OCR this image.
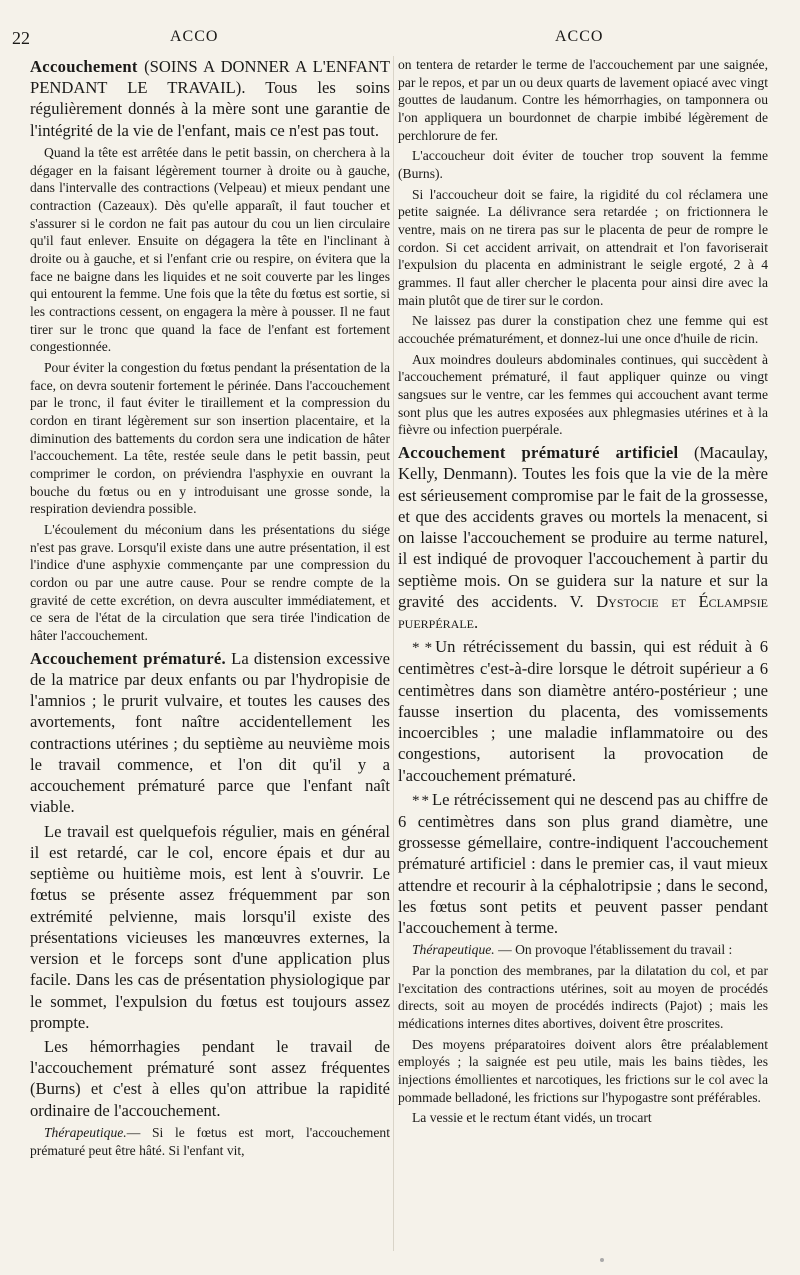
22	ACCO	ACCO

Accouchement (SOINS A DONNER A L'ENFANT PENDANT LE TRAVAIL). Tous les soins régulièrement donnés à la mère sont une garantie de l'intégrité de la vie de l'enfant, mais ce n'est pas tout.

Quand la tête est arrêtée dans le petit bassin, on cherchera à la dégager en la faisant légèrement tourner à droite ou à gauche, dans l'intervalle des contractions (Velpeau) et mieux pendant une contraction (Cazeaux). Dès qu'elle apparaît, il faut toucher et s'assurer si le cordon ne fait pas autour du cou un lien circulaire qu'il faut enlever. Ensuite on dégagera la tête en l'inclinant à droite ou à gauche, et si l'enfant crie ou respire, on évitera que la face ne baigne dans les liquides et ne soit couverte par les linges qui entourent la femme. Une fois que la tête du fœtus est sortie, si les contractions cessent, on engagera la mère à pousser. Il ne faut tirer sur le tronc que quand la face de l'enfant est fortement congestionnée.

Pour éviter la congestion du fœtus pendant la présentation de la face, on devra soutenir fortement le périnée. Dans l'accouchement par le tronc, il faut éviter le tiraillement et la compression du cordon en tirant légèrement sur son insertion placentaire, et la diminution des battements du cordon sera une indication de hâter l'accouchement. La tête, restée seule dans le petit bassin, peut comprimer le cordon, on préviendra l'asphyxie en ouvrant la bouche du fœtus ou en y introduisant une grosse sonde, la respiration deviendra possible.

L'écoulement du méconium dans les présentations du siége n'est pas grave. Lorsqu'il existe dans une autre présentation, il est l'indice d'une asphyxie commençante par une compression du cordon ou par une autre cause. Pour se rendre compte de la gravité de cette excrétion, on devra ausculter immédiatement, et ce sera de l'état de la circulation que sera tirée l'indication de hâter l'accouchement.

Accouchement prématuré. La distension excessive de la matrice par deux enfants ou par l'hydropisie de l'amnios ; le prurit vulvaire, et toutes les causes des avortements, font naître accidentellement les contractions utérines ; du septième au neuvième mois le travail commence, et l'on dit qu'il y a accouchement prématuré parce que l'enfant naît viable.

Le travail est quelquefois régulier, mais en général il est retardé, car le col, encore épais et dur au septième ou huitième mois, est lent à s'ouvrir. Le fœtus se présente assez fréquemment par son extrémité pelvienne, mais lorsqu'il existe des présentations vicieuses les manœuvres externes, la version et le forceps sont d'une application plus facile. Dans les cas de présentation physiologique par le sommet, l'expulsion du fœtus est toujours assez prompte.

Les hémorrhagies pendant le travail de l'accouchement prématuré sont assez fréquentes (Burns) et c'est à elles qu'on attribue la rapidité ordinaire de l'accouchement.

Thérapeutique.— Si le fœtus est mort, l'accouchement prématuré peut être hâté. Si l'enfant vit,

on tentera de retarder le terme de l'accouchement par une saignée, par le repos, et par un ou deux quarts de lavement opiacé avec vingt gouttes de laudanum. Contre les hémorrhagies, on tamponnera ou l'on appliquera un bourdonnet de charpie imbibé légèrement de perchlorure de fer.

L'accoucheur doit éviter de toucher trop souvent la femme (Burns).

Si l'accoucheur doit se faire, la rigidité du col réclamera une petite saignée. La délivrance sera retardée ; on frictionnera le ventre, mais on ne tirera pas sur le placenta de peur de rompre le cordon. Si cet accident arrivait, on attendrait et l'on favoriserait l'expulsion du placenta en administrant le seigle ergoté, 2 à 4 grammes. Il faut aller chercher le placenta pour ainsi dire avec la main plutôt que de tirer sur le cordon.

Ne laissez pas durer la constipation chez une femme qui est accouchée prématurément, et donnez-lui une once d'huile de ricin.

Aux moindres douleurs abdominales continues, qui succèdent à l'accouchement prématuré, il faut appliquer quinze ou vingt sangsues sur le ventre, car les femmes qui accouchent avant terme sont plus que les autres exposées aux phlegmasies utérines et à la fièvre ou infection puerpérale.

Accouchement prématuré artificiel (Macaulay, Kelly, Denmann). Toutes les fois que la vie de la mère est sérieusement compromise par le fait de la grossesse, et que des accidents graves ou mortels la menacent, si on laisse l'accouchement se produire au terme naturel, il est indiqué de provoquer l'accouchement à partir du septième mois. On se guidera sur la nature et sur la gravité des accidents. V. Dystocie et Éclampsie puerpérale.

* * Un rétrécissement du bassin, qui est réduit à 6 centimètres c'est-à-dire lorsque le détroit supérieur a 6 centimètres dans son diamètre antéro-postérieur ; une fausse insertion du placenta, des vomissements incoercibles ; une maladie inflammatoire ou des congestions, autorisent la provocation de l'accouchement prématuré.

* * Le rétrécissement qui ne descend pas au chiffre de 6 centimètres dans son plus grand diamètre, une grossesse gémellaire, contre-indiquent l'accouchement prématuré artificiel : dans le premier cas, il vaut mieux attendre et recourir à la céphalotripsie ; dans le second, les fœtus sont petits et peuvent passer pendant l'accouchement à terme.

Thérapeutique. — On provoque l'établissement du travail :

Par la ponction des membranes, par la dilatation du col, et par l'excitation des contractions utérines, soit au moyen de procédés directs, soit au moyen de procédés indirects (Pajot) ; mais les médications internes dites abortives, doivent être proscrites.

Des moyens préparatoires doivent alors être préalablement employés ; la saignée est peu utile, mais les bains tièdes, les injections émollientes et narcotiques, les frictions sur le col avec la pommade belladoné, les frictions sur l'hypogastre sont préférables.

La vessie et le rectum étant vidés, un trocart
